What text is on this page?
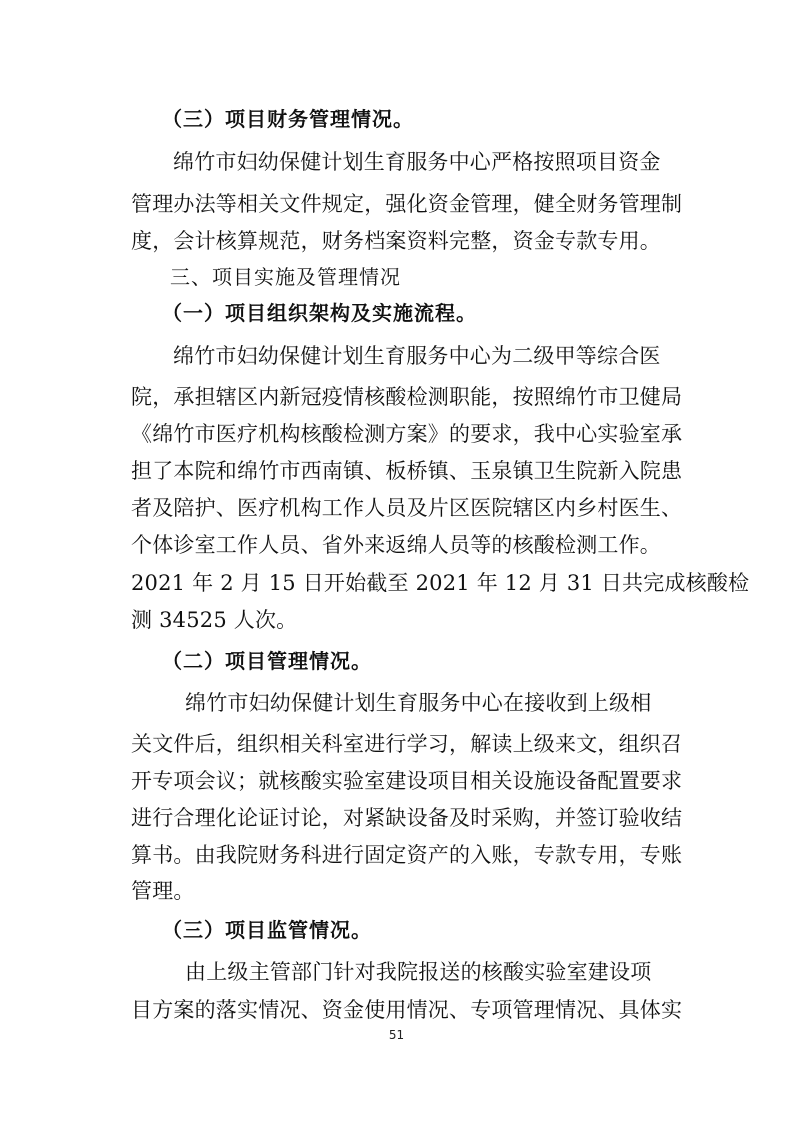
（三）项目财务管理情况。
绵竹市妇幼保健计划生育服务中心严格按照项目资金
管理办法等相关文件规定，强化资金管理，健全财务管理制
度，会计核算规范，财务档案资料完整，资金专款专用。
三、项目实施及管理情况
（一）项目组织架构及实施流程。
绵竹市妇幼保健计划生育服务中心为二级甲等综合医
院，承担辖区内新冠疫情核酸检测职能，按照绵竹市卫健局
《绵竹市医疗机构核酸检测方案》的要求，我中心实验室承
担了本院和绵竹市西南镇、板桥镇、玉泉镇卫生院新入院患
者及陪护、医疗机构工作人员及片区医院辖区内乡村医生、
个体诊室工作人员、省外来返绵人员等的核酸检测工作。
2021 年 2 月 15 日开始截至 2021 年 12 月 31 日共完成核酸检
测 34525 人次。
（二）项目管理情况。
绵竹市妇幼保健计划生育服务中心在接收到上级相
关文件后，组织相关科室进行学习，解读上级来文，组织召
开专项会议；就核酸实验室建设项目相关设施设备配置要求
进行合理化论证讨论，对紧缺设备及时采购，并签订验收结
算书。由我院财务科进行固定资产的入账，专款专用，专账
管理。
（三）项目监管情况。
由上级主管部门针对我院报送的核酸实验室建设项
目方案的落实情况、资金使用情况、专项管理情况、具体实
51
